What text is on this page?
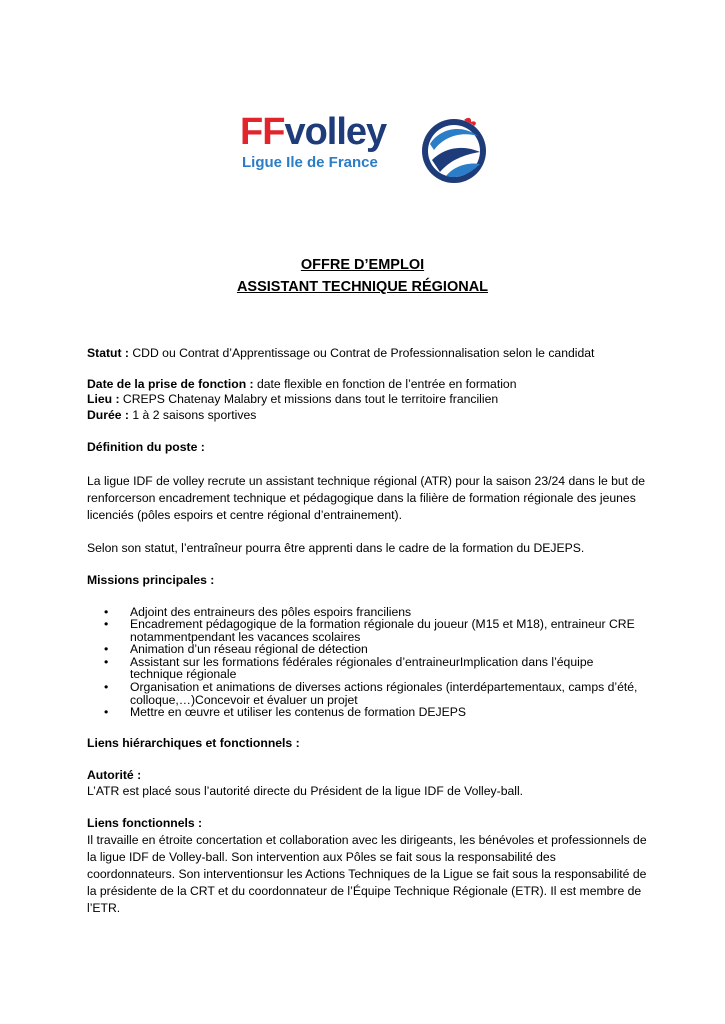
FFvolley
Ligue Ile de France
OFFRE D’EMPLOI
ASSISTANT TECHNIQUE RÉGIONAL

Statut : CDD ou Contrat d’Apprentissage ou Contrat de Professionnalisation selon le candidat

Date de la prise de fonction : date flexible en fonction de l’entrée en formation

Lieu : CREPS Chatenay Malabry et missions dans tout le territoire francilien

Durée : 1 à 2 saisons sportives

Définition du poste :

La ligue IDF de volley recrute un assistant technique régional (ATR) pour la saison 23/24 dans le but de renforcerson encadrement technique et pédagogique dans la filière de formation régionale des jeunes licenciés (pôles espoirs et centre régional d’entrainement).

Selon son statut, l’entraîneur pourra être apprenti dans le cadre de la formation du DEJEPS.

Missions principales :

• Adjoint des entraineurs des pôles espoirs franciliens
• Encadrement pédagogique de la formation régionale du joueur (M15 et M18), entraineur CRE notammentpendant les vacances scolaires
• Animation d’un réseau régional de détection
• Assistant sur les formations fédérales régionales d’entraineurImplication dans l’équipe technique régionale
• Organisation et animations de diverses actions régionales (interdépartementaux, camps d’été, colloque,…)Concevoir et évaluer un projet
• Mettre en œuvre et utiliser les contenus de formation DEJEPS

Liens hiérarchiques et fonctionnels :

Autorité :

L’ATR est placé sous l’autorité directe du Président de la ligue IDF de Volley-ball.

Liens fonctionnels :

Il travaille en étroite concertation et collaboration avec les dirigeants, les bénévoles et professionnels de la ligue IDF de Volley-ball. Son intervention aux Pôles se fait sous la responsabilité des coordonnateurs. Son interventionsur les Actions Techniques de la Ligue se fait sous la responsabilité de la présidente de la CRT et du coordonnateur de l’Équipe Technique Régionale (ETR). Il est membre de l’ETR.
